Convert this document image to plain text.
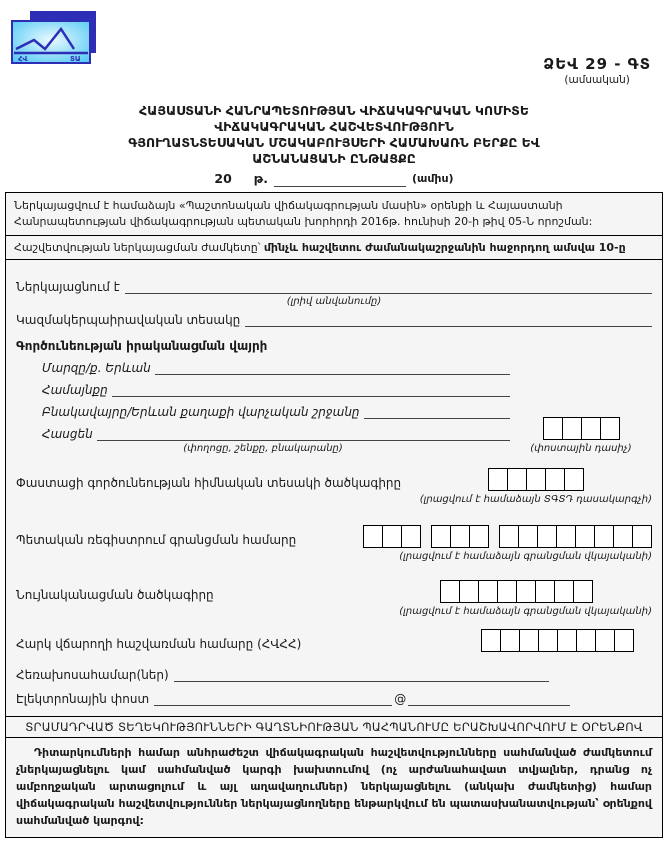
ՀՎ	ՏԱ	ՁԵՎ 29 - ԳՏ
(ամսական)
ՀԱՅԱՍՏԱՆԻ ՀԱՆՐԱՊԵՏՈՒԹՅԱՆ ՎԻՃԱԿԱԳՐԱԿԱՆ ԿՈՄԻՏԵ
ՎԻՃԱԿԱԳՐԱԿԱՆ ՀԱՇՎԵՏՎՈՒԹՅՈՒՆ
ԳՅՈՒՂԱՏՆՏԵՍԱԿԱՆ ՄՇԱԿԱԲՈՒՅՍԵՐԻ ՀԱՄԱԽԱՌՆ ԲԵՐՔԸ ԵՎ
ԱՇՆԱՆԱՑԱՆԻ ԸՆԹԱՑՔԸ
20 թ.	(ամիս)
Ներկայացվում է համաձայն «Պաշտոնական վիճակագրության մասին» օրենքի և Հայաստանի Հանրապետության վիճակագրության պետական խորհրդի 2016թ. հունիսի 20-ի թիվ 05-Ն որոշման:
Հաշվետվության ներկայացման ժամկետը՝ մինչև հաշվետու ժամանակաշրջանին հաջորդող ամսվա 10-ը
Ներկայացնում է
(լրիվ անվանումը)
Կազմակերպաիրավական տեսակը
Գործունեության իրականացման վայրի
Մարզը/ք. Երևան
Համայնքը
Բնակավայրը/Երևան քաղաքի վարչական շրջանը
Հասցեն
(փողոցը, շենքը, բնակարանը)	(փոստային դասիչ)
Փաստացի գործունեության հիմնական տեսակի ծածկագիրը
(լրացվում է համաձայն ՏԳՏԴ դասակարգչի)
Պետական ռեգիստրում գրանցման համարը
(լրացվում է համաձայն գրանցման վկայականի)
Նույնականացման ծածկագիրը
(լրացվում է համաձայն գրանցման վկայականի)
Հարկ վճարողի հաշվառման համարը (ՀՎՀՀ)
Հեռախոսահամար(ներ)
Էլեկտրոնային փոստ	@
ՏՐԱՄԱԴՐՎԱԾ ՏԵՂԵԿՈՒԹՅՈՒՆՆԵՐԻ ԳԱՂՏՆԻՈՒԹՅԱՆ ՊԱՀՊԱՆՈՒՄԸ ԵՐԱՇԽԱՎՈՐՎՈՒՄ Է ՕՐԵՆՔՈՎ
Դիտարկումների համար անհրաժեշտ վիճակագրական հաշվետվությունները սահմանված ժամկետում չներկայացնելու կամ սահմանված կարգի խախտումով (ոչ արժանահավատ տվյալներ, դրանց ոչ ամբողջական արտացոլում և այլ աղավաղումներ) ներկայացնելու (անկախ ժամկետից) համար վիճակագրական հաշվետվություններ ներկայացնողները ենթարկվում են պատասխանատվության՝ օրենքով սահմանված կարգով:
